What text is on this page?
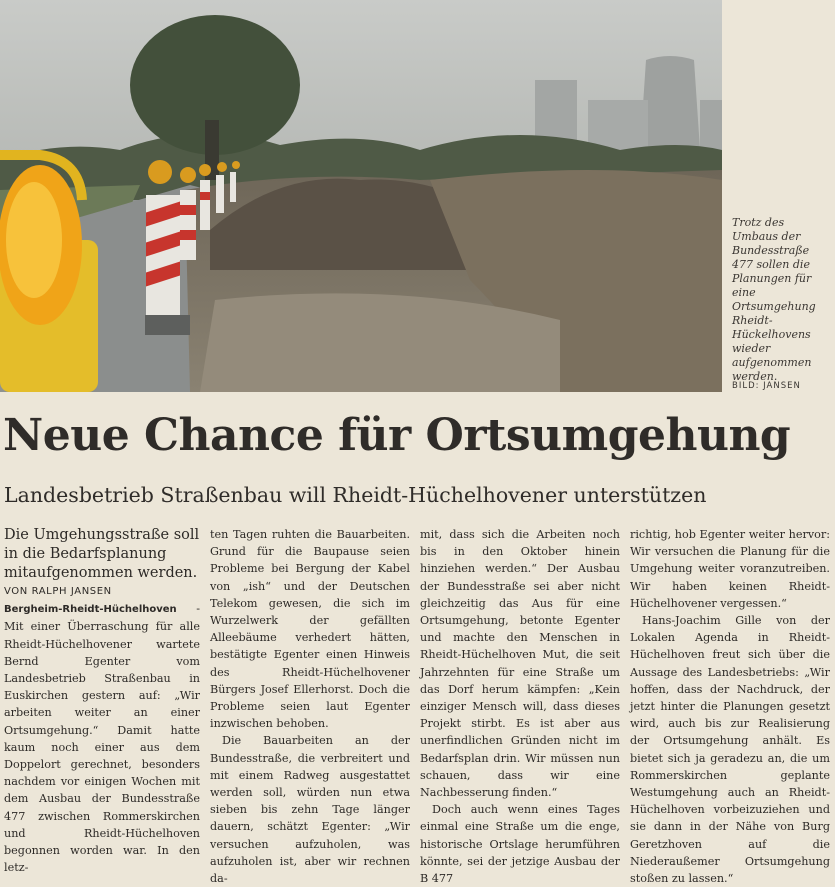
Trotz des Umbaus der Bundesstraße 477 sollen die Planungen für eine Ortsumgehung Rheidt-Hückelhovens wieder aufgenommen werden.
BILD: JANSEN
Neue Chance für Ortsumgehung
Landesbetrieb Straßenbau will Rheidt-Hüchelhovener unterstützen

Die Umgehungsstraße soll in die Bedarfsplanung mitaufgenommen werden.

VON RALPH JANSEN

Bergheim-Rheidt-Hüchelhoven - Mit einer Überraschung für alle Rheidt-Hüchelhovener wartete Bernd Egenter vom Landesbetrieb Straßenbau in Euskirchen gestern auf: „Wir arbeiten weiter an einer Ortsumgehung.“ Damit hatte kaum noch einer aus dem Doppelort gerechnet, besonders nachdem vor einigen Wochen mit dem Ausbau der Bundesstraße 477 zwischen Rommerskirchen und Rheidt-Hüchelhoven begonnen worden war. In den letz-

ten Tagen ruhten die Bauarbeiten. Grund für die Baupause seien Probleme bei Bergung der Kabel von „ish“ und der Deutschen Telekom gewesen, die sich im Wurzelwerk der gefällten Alleebäume verhedert hätten, bestätigte Egenter einen Hinweis des Rheidt-Hüchelhovener Bürgers Josef Ellerhorst. Doch die Probleme seien laut Egenter inzwischen behoben.

Die Bauarbeiten an der Bundesstraße, die verbreitert und mit einem Radweg ausgestattet werden soll, würden nun etwa sieben bis zehn Tage länger dauern, schätzt Egenter: „Wir versuchen aufzuholen, was aufzuholen ist, aber wir rechnen da-

mit, dass sich die Arbeiten noch bis in den Oktober hinein hinziehen werden.“ Der Ausbau der Bundesstraße sei aber nicht gleichzeitig das Aus für eine Ortsumgehung, betonte Egenter und machte den Menschen in Rheidt-Hüchelhoven Mut, die seit Jahrzehnten für eine Straße um das Dorf herum kämpfen: „Kein einziger Mensch will, dass dieses Projekt stirbt. Es ist aber aus unerfindlichen Gründen nicht im Bedarfsplan drin. Wir müssen nun schauen, dass wir eine Nachbesserung finden.“

Doch auch wenn eines Tages einmal eine Straße um die enge, historische Ortslage herumführen könnte, sei der jetzige Ausbau der B 477

richtig, hob Egenter weiter hervor: Wir versuchen die Planung für die Umgehung weiter voranzutreiben. Wir haben keinen Rheidt-Hüchelhovener vergessen.“

Hans-Joachim Gille von der Lokalen Agenda in Rheidt-Hüchelhoven freut sich über die Aussage des Landesbetriebs: „Wir hoffen, dass der Nachdruck, der jetzt hinter die Planungen gesetzt wird, auch bis zur Realisierung der Ortsumgehung anhält. Es bietet sich ja geradezu an, die um Rommerskirchen geplante Westumgehung auch an Rheidt-Hüchelhoven vorbeizuziehen und sie dann in der Nähe von Burg Geretzhoven auf die Niederaußemer Ortsumgehung stoßen zu lassen.“
